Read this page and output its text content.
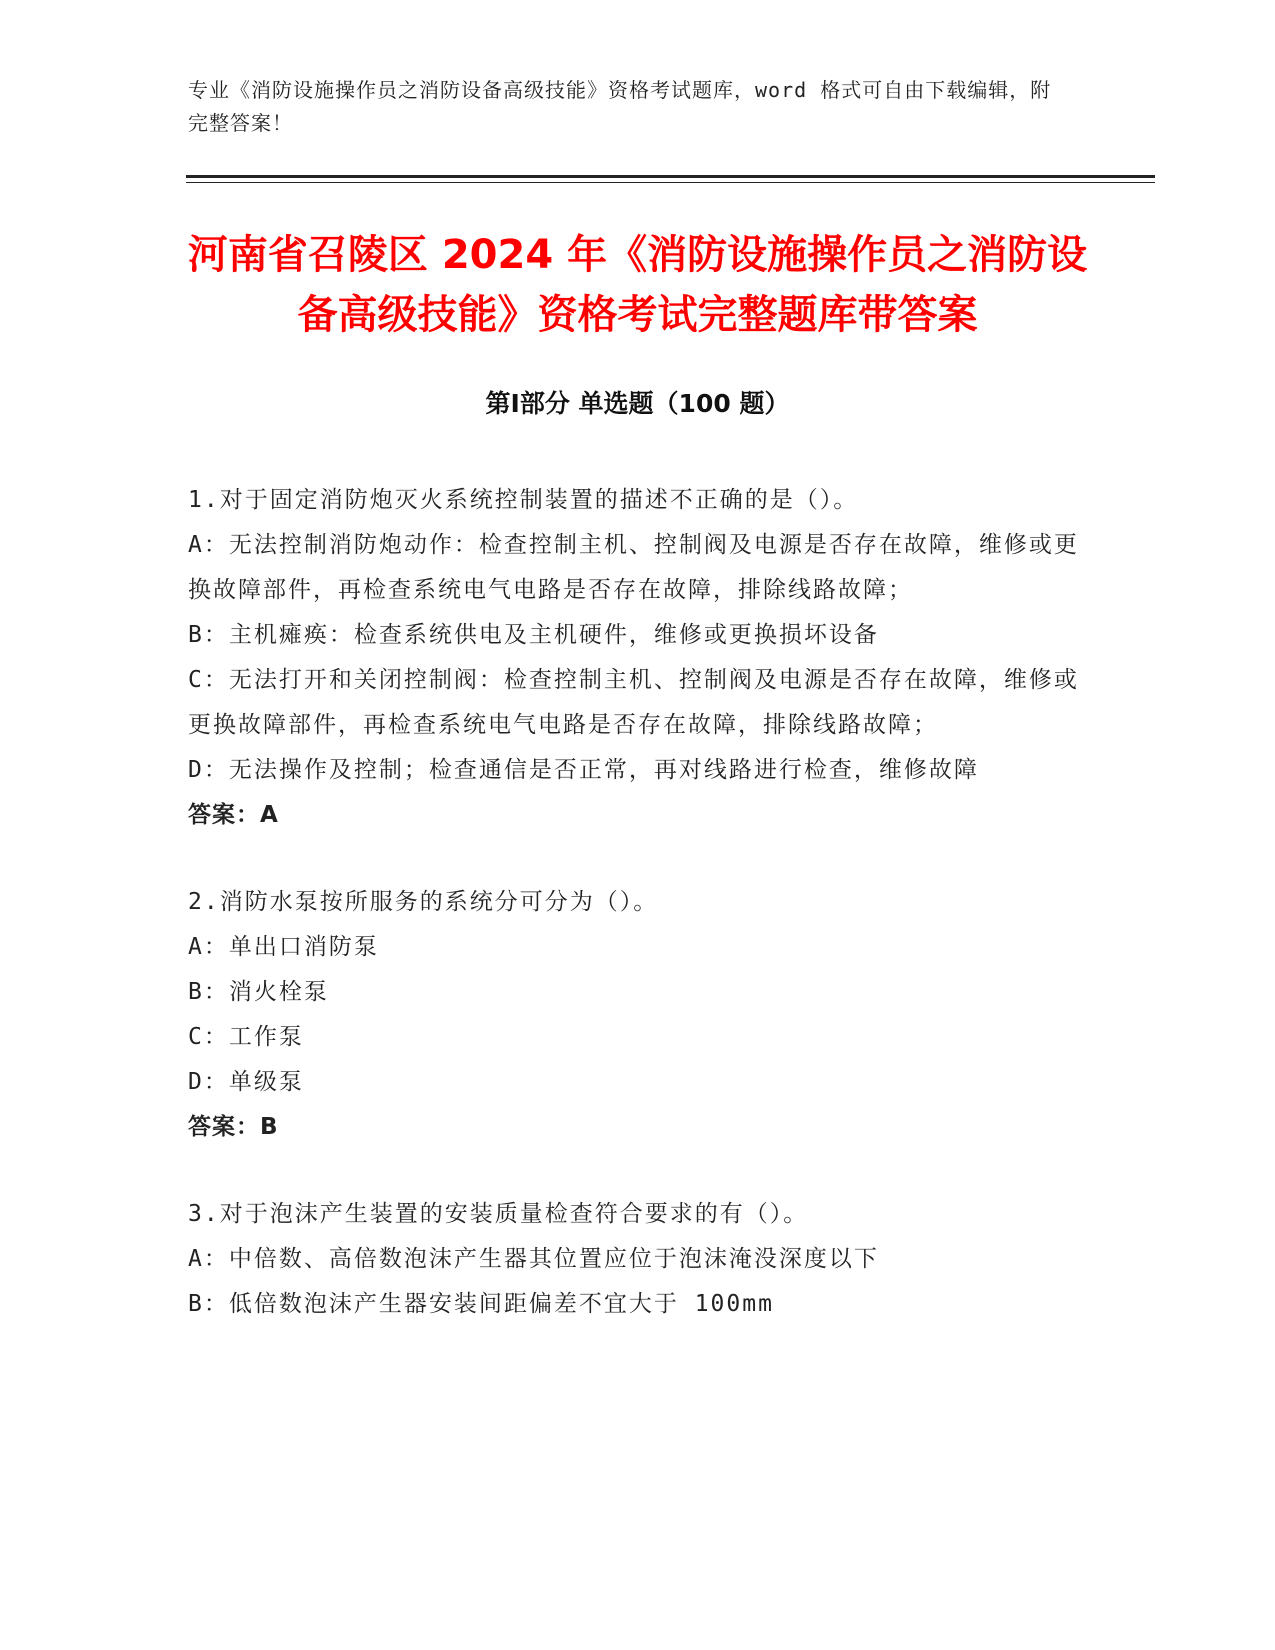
专业《消防设施操作员之消防设备高级技能》资格考试题库，word 格式可自由下载编辑，附完整答案！
河南省召陵区 2024 年《消防设施操作员之消防设备高级技能》资格考试完整题库带答案
第Ⅰ部分 单选题（100 题）

1.对于固定消防炮灭火系统控制装置的描述不正确的是（）。

A：无法控制消防炮动作：检查控制主机、控制阀及电源是否存在故障，维修或更换故障部件，再检查系统电气电路是否存在故障，排除线路故障；

B：主机瘫痪：检查系统供电及主机硬件，维修或更换损坏设备

C：无法打开和关闭控制阀：检查控制主机、控制阀及电源是否存在故障，维修或更换故障部件，再检查系统电气电路是否存在故障，排除线路故障；

D：无法操作及控制；检查通信是否正常，再对线路进行检查，维修故障

答案：A

2.消防水泵按所服务的系统分可分为（）。

A：单出口消防泵

B：消火栓泵

C：工作泵

D：单级泵

答案：B

3.对于泡沫产生装置的安装质量检查符合要求的有（）。

A：中倍数、高倍数泡沫产生器其位置应位于泡沫淹没深度以下

B：低倍数泡沫产生器安装间距偏差不宜大于 100mm
